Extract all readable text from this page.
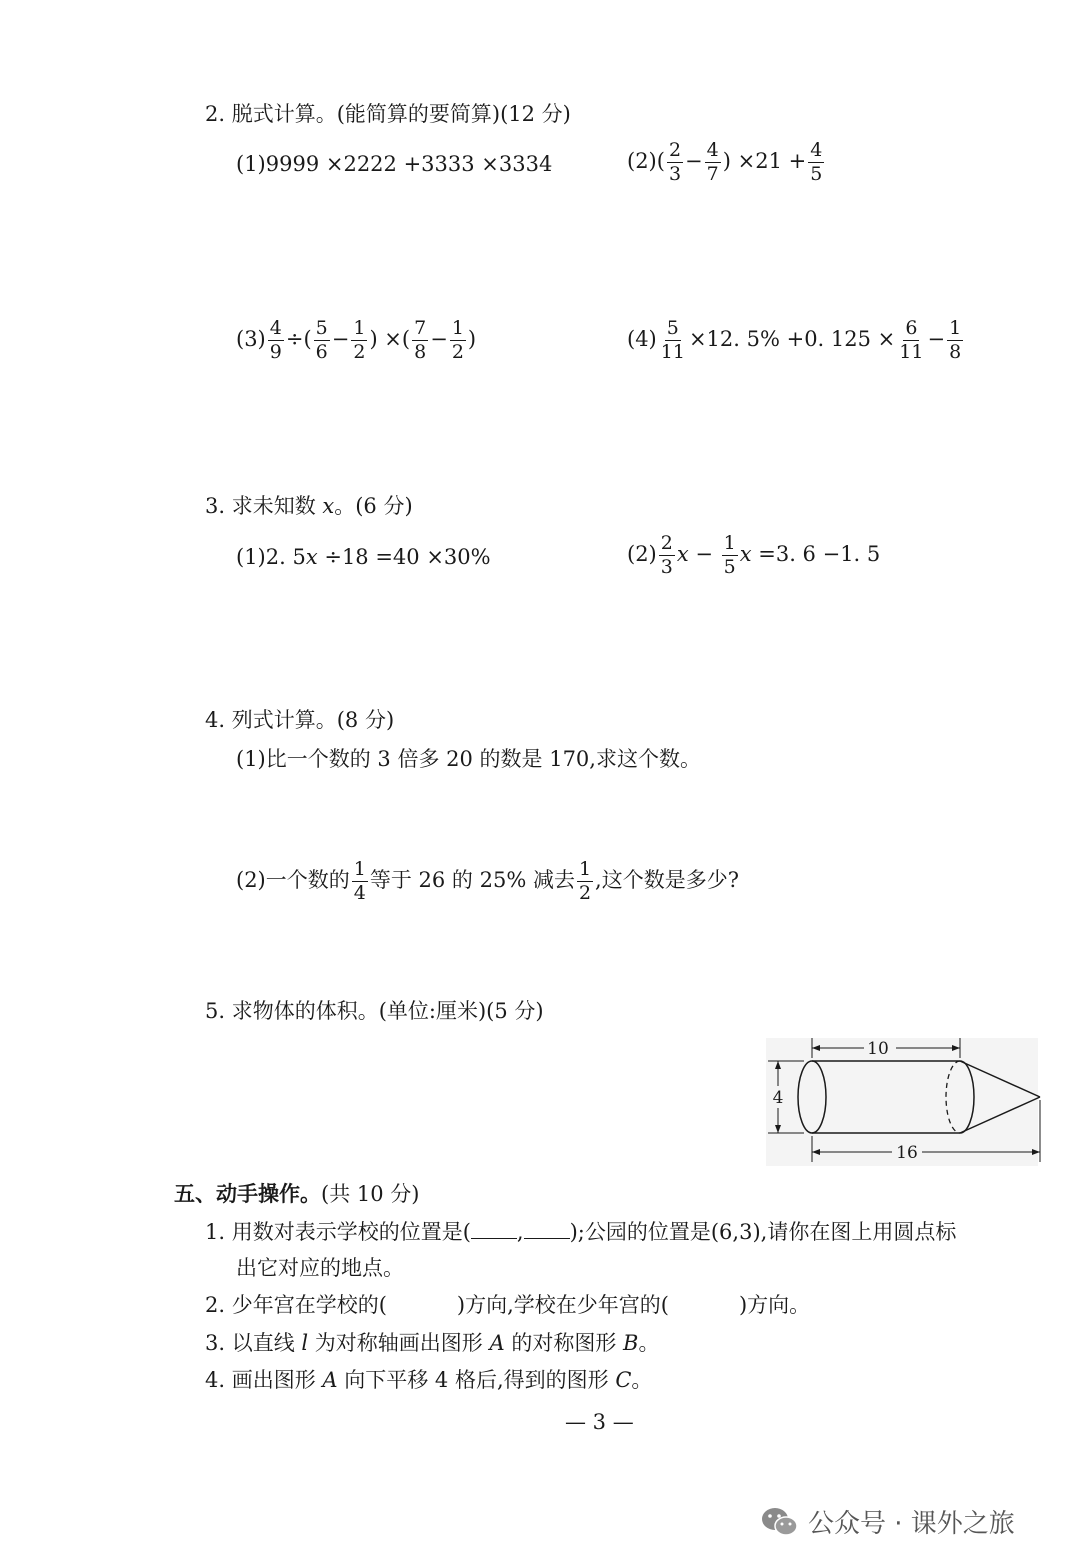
2. 脱式计算。(能简算的要简算)(12 分)
(1)9999 ×2222 +3333 ×3334	$(2)( \frac{2}{3} - \frac{4}{7}$ ) $\times 21 + \frac{4}{5}$
$(3) \frac{4}{9}$ ÷( $\frac{5}{6} - \frac{1}{2}$ ) ×( $\frac{7}{8} - \frac{1}{2}$ )	$(4) \frac{5}{11} \times 12$. 5% +0. $125 \times \frac{6}{11} - \frac{1}{8}$
3. 求未知数 x。(6 分)
(1)2. 5x ÷18 =40 ×30%	$(2) \frac{2}{3}$ $x - \frac{1}{5}$ x =3. 6 −1. 5
4. 列式计算。(8 分)
(1)比一个数的 3 倍多 20 的数是 170,求这个数。
(2)一个数的 $\frac{1}{4}$ 等于 26 的 25% 减去 $\frac{1}{2}$ ,这个数是多少?
5. 求物体的体积。(单位:厘米)(5 分)
10
4
16
五、动手操作。(共 10 分)
1. 用数对表示学校的位置是( , );公园的位置是(6,3),请你在图上用圆点标
出它对应的地点。
2. 少年宫在学校的(	)方向,学校在少年宫的(	)方向。
3. 以直线 l 为对称轴画出图形 A 的对称图形 B。
4. 画出图形 A 向下平移 4 格后,得到的图形 C。
— 3 —
公众号 · 课外之旅
